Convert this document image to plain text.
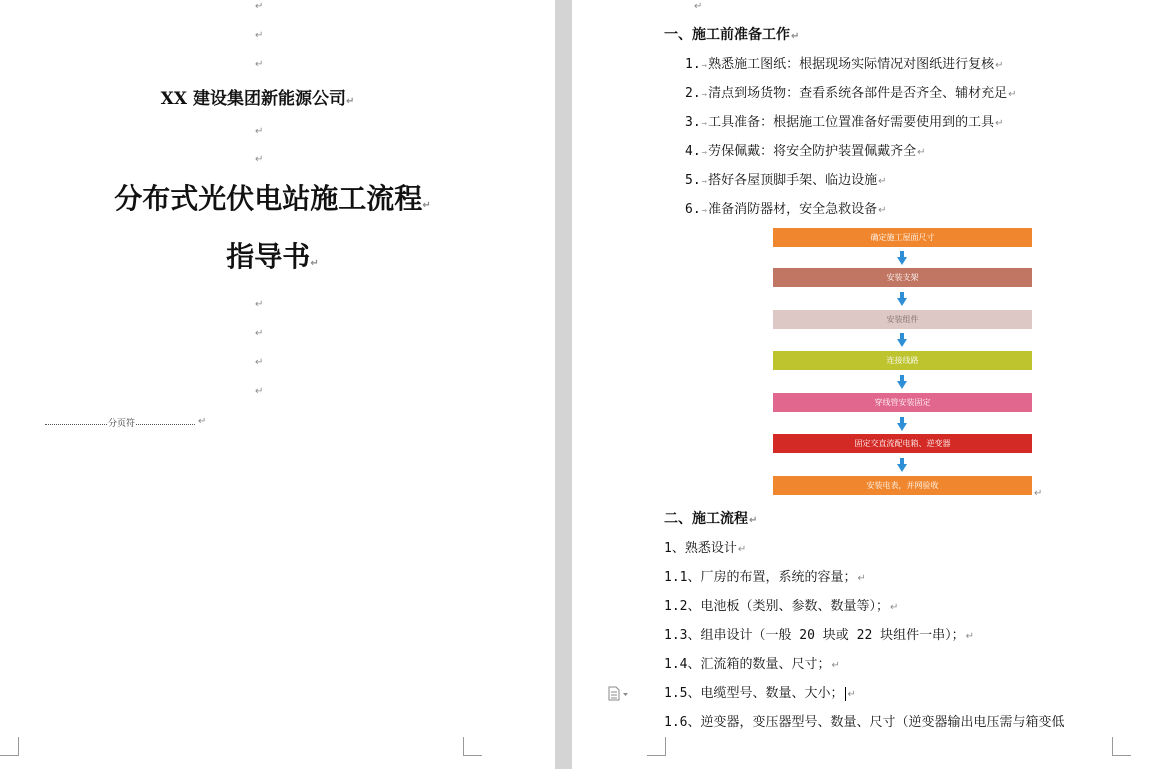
↵
↵
↵
XX 建设集团新能源公司↵
↵
↵
分布式光伏电站施工流程↵
指导书↵
↵
↵
↵
↵
分页符
↵
↵
一、施工前准备工作↵
1.→熟悉施工图纸：根据现场实际情况对图纸进行复核↵
2.→清点到场货物：查看系统各部件是否齐全、辅材充足↵
3.→工具准备：根据施工位置准备好需要使用到的工具↵
4.→劳保佩戴：将安全防护装置佩戴齐全↵
5.→搭好各屋顶脚手架、临边设施↵
6.→准备消防器材，安全急救设备↵
确定施工屋面尺寸
安装支架
安装组件
连接线路
穿线管安装固定
固定交直流配电箱、逆变器
安装电表，并网验收
↵
二、施工流程↵
1、熟悉设计↵
1.1、厂房的布置，系统的容量；↵
1.2、电池板（类别、参数、数量等）；↵
1.3、组串设计（一般 20 块或 22 块组件一串）；↵
1.4、汇流箱的数量、尺寸；↵
1.5、电缆型号、数量、大小；↵
1.6、逆变器，变压器型号、数量、尺寸（逆变器输出电压需与箱变低
